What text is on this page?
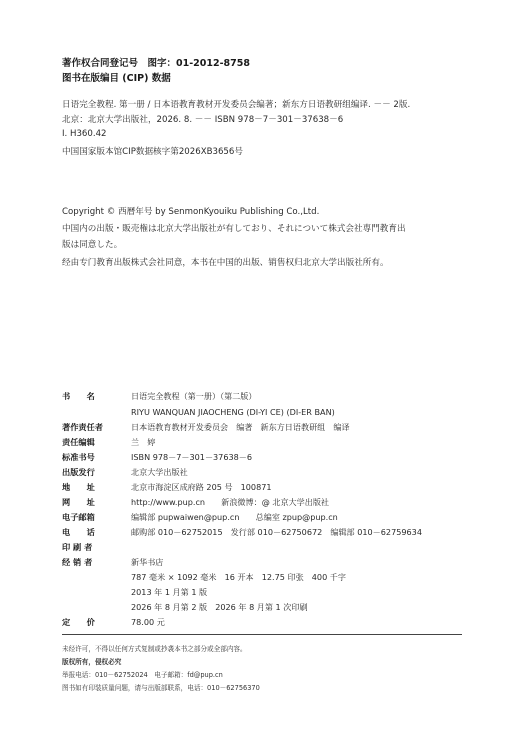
著作权合同登记号　图字：01-2012-8758
图书在版编目 (CIP) 数据
日语完全教程. 第一册 / 日本语教育教材开发委员会编著；新东方日语教研组编译. －－ 2版.
北京：北京大学出版社，2026. 8. －－ ISBN 978－7－301－37638－6
Ⅰ. H360.42
中国国家版本馆CIP数据核字第2026XB3656号
Copyright © 西曆年号 by SenmonKyouiku Publishing Co.,Ltd.
中国内の出版・販売権は北京大学出版社が有しており、それについて株式会社専門教育出
版は同意した。
经由专门教育出版株式会社同意，本书在中国的出版、销售权归北京大学出版社所有。
书　　名	日语完全教程（第一册）（第二版）
RIYU WANQUAN JIAOCHENG (DI-YI CE) (DI-ER BAN)
著作责任者	日本语教育教材开发委员会　编著　新东方日语教研组　编译
责任编辑	兰　婷
标准书号	ISBN 978－7－301－37638－6
出版发行	北京大学出版社
地　　址	北京市海淀区成府路 205 号　100871
网　　址	http://www.pup.cn　　新浪微博：@ 北京大学出版社
电子邮箱	编辑部 pupwaiwen@pup.cn　　总编室 zpup@pup.cn
电　　话	邮购部 010－62752015　发行部 010－62750672　编辑部 010－62759634
印 刷 者
经 销 者	新华书店
787 毫米 × 1092 毫米　16 开本　12.75 印张　400 千字
2013 年 1 月第 1 版
2026 年 8 月第 2 版　2026 年 8 月第 1 次印刷
定　　价	78.00 元
未经许可，不得以任何方式复制或抄袭本书之部分或全部内容。
版权所有，侵权必究
举报电话：010－62752024　电子邮箱：fd@pup.cn
图书如有印装质量问题，请与出版部联系，电话：010－62756370
